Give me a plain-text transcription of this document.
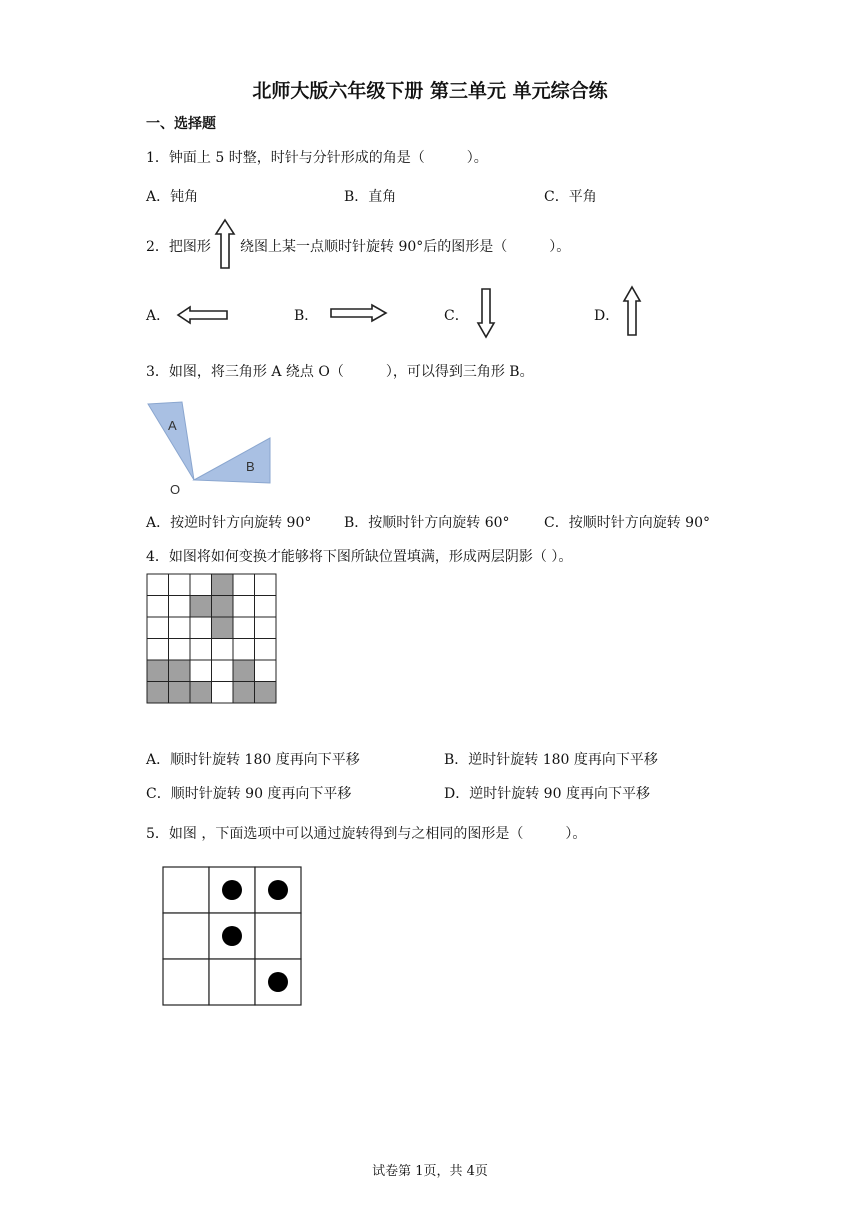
北师大版六年级下册 第三单元 单元综合练
一、选择题
1．钟面上 5 时整，时针与分针形成的角是（　　　）。
A．钝角	B．直角	C．平角
2．把图形 绕图上某一点顺时针旋转 90°后的图形是（　　　）。
A．	B．	C．	D．
3．如图，将三角形 A 绕点 O（　　　），可以得到三角形 B。
A
B
O
A．按逆时针方向旋转 90° B．按顺时针方向旋转 60° C．按顺时针方向旋转 90°
4．如图将如何变换才能够将下图所缺位置填满，形成两层阴影（ ）。
A．顺时针旋转 180 度再向下平移	B．逆时针旋转 180 度再向下平移
C．顺时针旋转 90 度再向下平移	D．逆时针旋转 90 度再向下平移
5．如图 ，下面选项中可以通过旋转得到与之相同的图形是（　　　）。
试卷第 1页，共 4页
